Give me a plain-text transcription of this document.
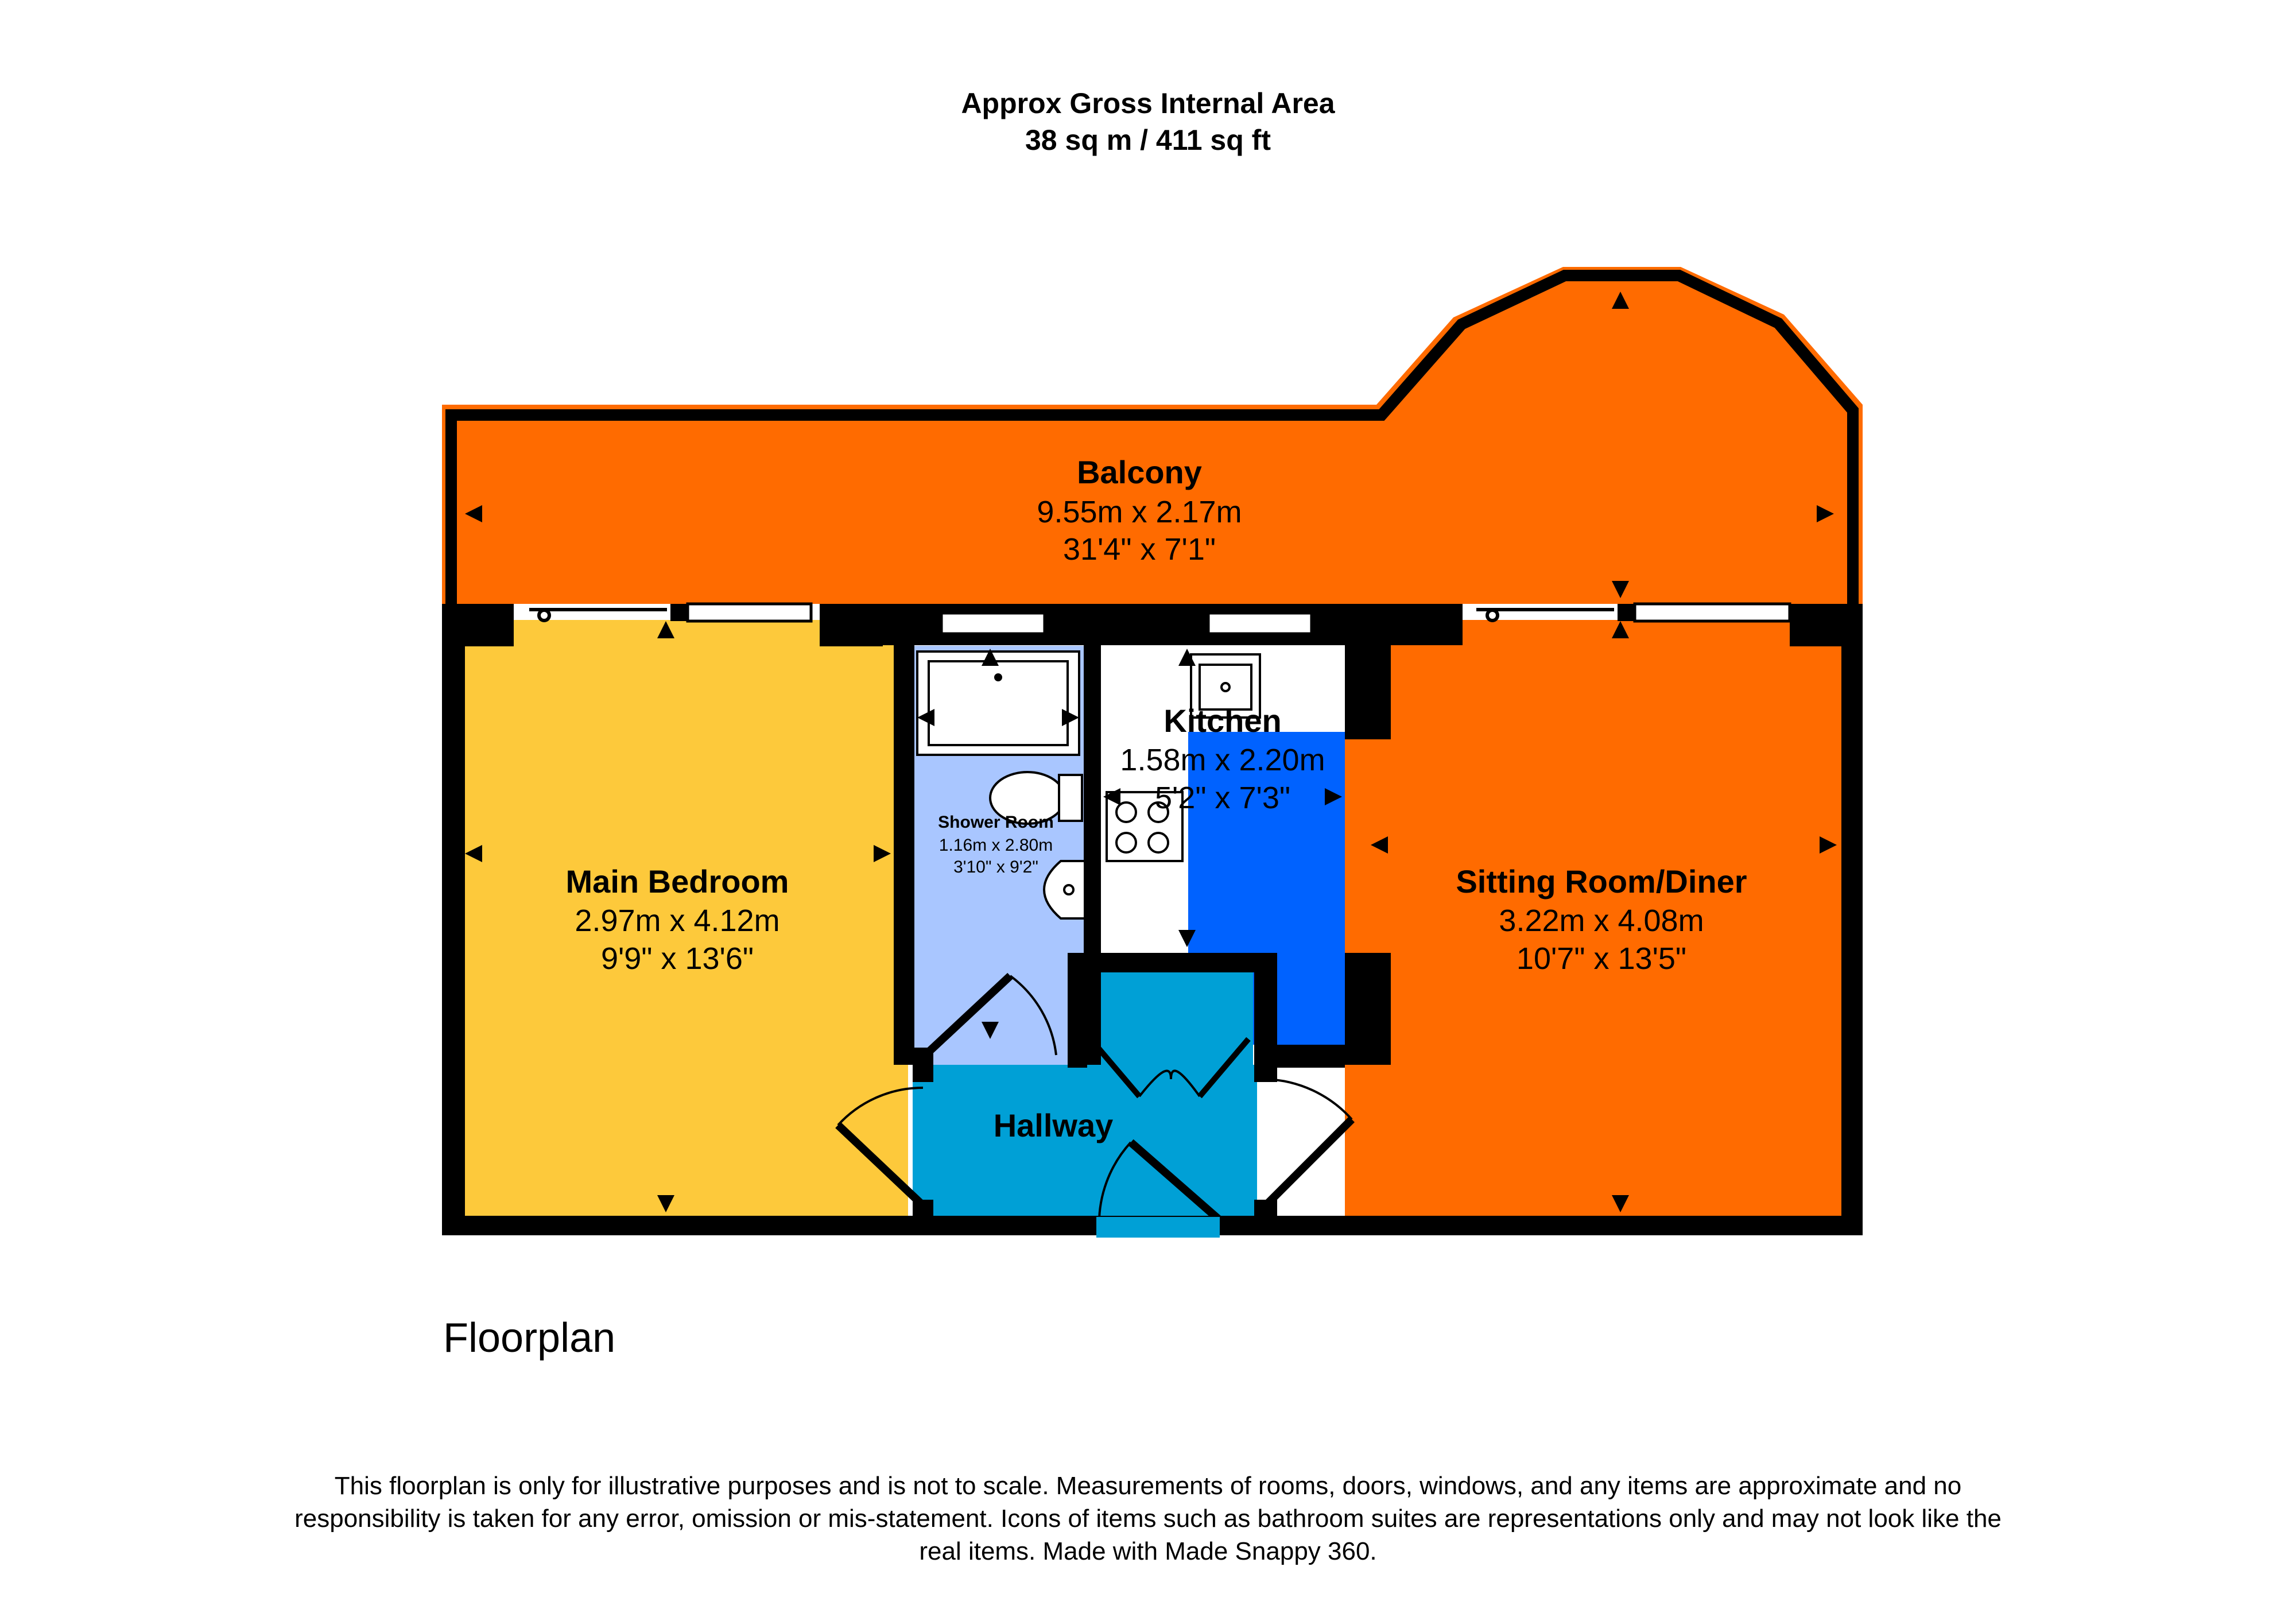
Approx Gross Internal Area
38 sq m / 411 sq ft
Balcony
9.55m x 2.17m
31'4" x 7'1"
Main Bedroom
2.97m x 4.12m
9'9" x 13'6"
Shower Room
1.16m x 2.80m
3'10" x 9'2"
Kitchen
1.58m x 2.20m
5'2" x 7'3"
Sitting Room/Diner
3.22m x 4.08m
10'7" x 13'5"
Hallway
Floorplan
This floorplan is only for illustrative purposes and is not to scale. Measurements of rooms, doors, windows, and any items are approximate and no responsibility is taken for any error, omission or mis-statement. Icons of items such as bathroom suites are representations only and may not look like the real items. Made with Made Snappy 360.
